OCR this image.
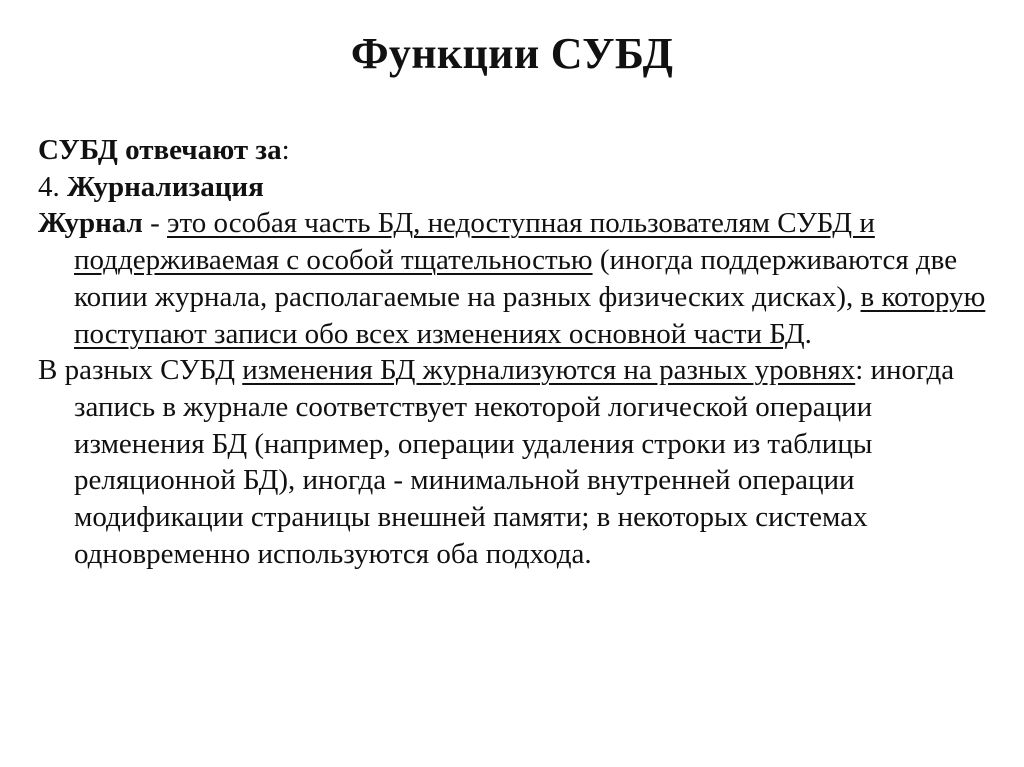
Функции СУБД

СУБД отвечают за:

4. Журнализация

Журнал - это особая часть БД, недоступная пользователям СУБД и поддерживаемая с особой тщательностью (иногда поддерживаются две копии журнала, располагаемые на разных физических дисках), в которую поступают записи обо всех изменениях основной части БД.

В разных СУБД изменения БД журнализуются на разных уровнях: иногда запись в журнале соответствует некоторой логической операции изменения БД (например, операции удаления строки из таблицы реляционной БД), иногда - минимальной внутренней операции модификации страницы внешней памяти; в некоторых системах одновременно используются оба подхода.
